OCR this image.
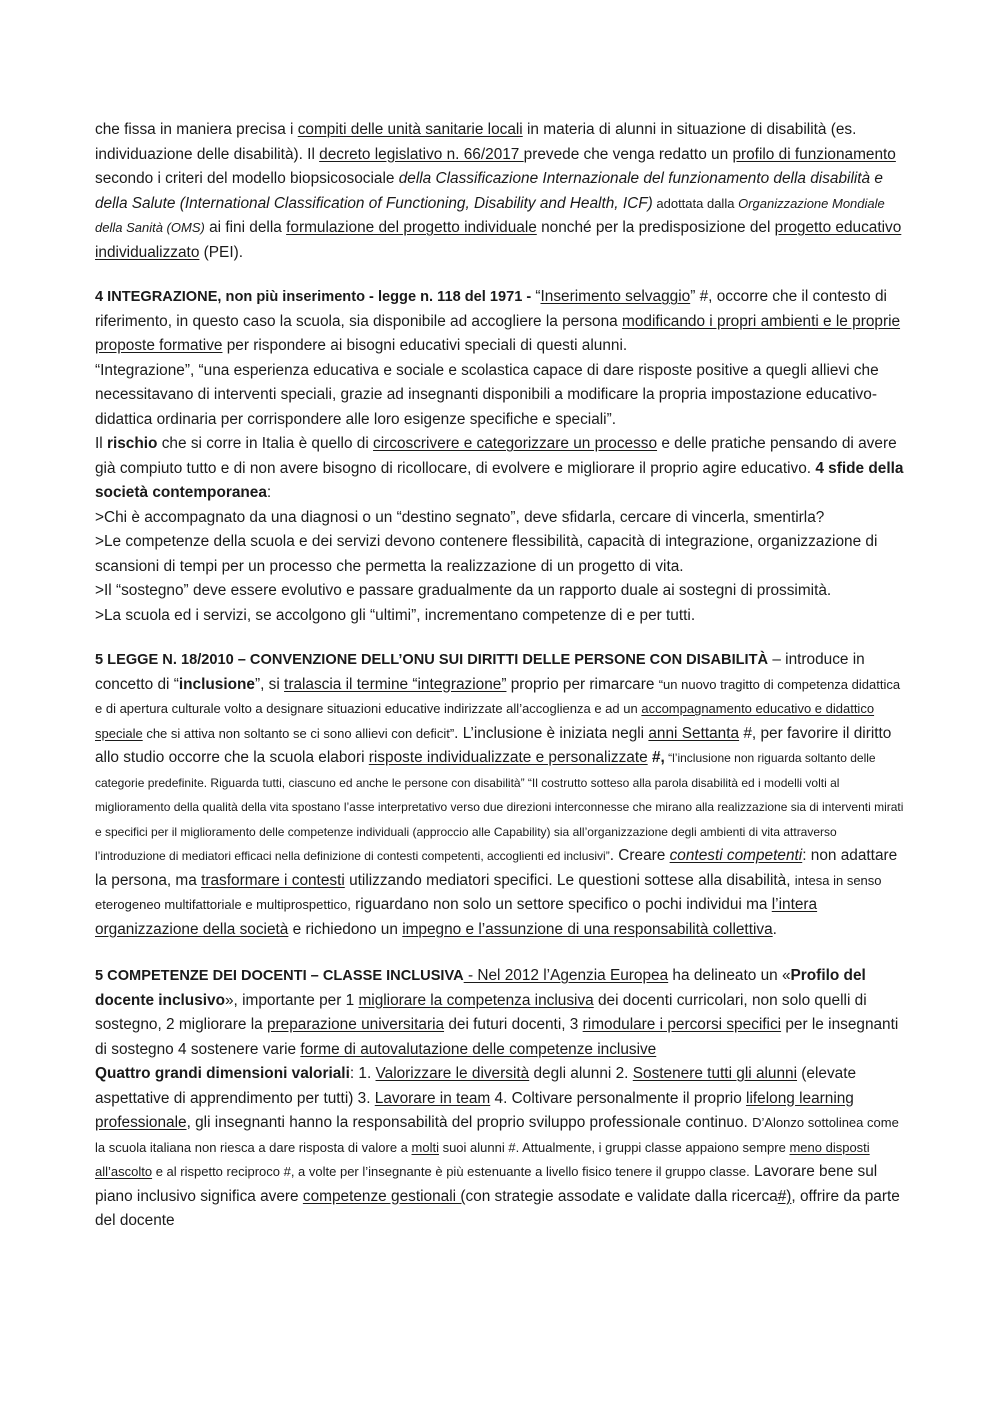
che fissa in maniera precisa i compiti delle unità sanitarie locali in materia di alunni in situazione di disabilità (es. individuazione delle disabilità). Il decreto legislativo n. 66/2017 prevede che venga redatto un profilo di funzionamento secondo i criteri del modello biopsicosociale della Classificazione Internazionale del funzionamento della disabilità e della Salute (International Classification of Functioning, Disability and Health, ICF) adottata dalla Organizzazione Mondiale della Sanità (OMS) ai fini della formulazione del progetto individuale nonché per la predisposizione del progetto educativo individualizzato (PEI).

4 INTEGRAZIONE, non più inserimento - legge n. 118 del 1971 - “Inserimento selvaggio” #, occorre che il contesto di riferimento, in questo caso la scuola, sia disponibile ad accogliere la persona modificando i propri ambienti e le proprie proposte formative per rispondere ai bisogni educativi speciali di questi alunni.

“Integrazione”, “una esperienza educativa e sociale e scolastica capace di dare risposte positive a quegli allievi che necessitavano di interventi speciali, grazie ad insegnanti disponibili a modificare la propria impostazione educativo-didattica ordinaria per corrispondere alle loro esigenze specifiche e speciali”.

Il rischio che si corre in Italia è quello di circoscrivere e categorizzare un processo e delle pratiche pensando di avere già compiuto tutto e di non avere bisogno di ricollocare, di evolvere e migliorare il proprio agire educativo. 4 sfide della società contemporanea:

>Chi è accompagnato da una diagnosi o un “destino segnato”, deve sfidarla, cercare di vincerla, smentirla?

>Le competenze della scuola e dei servizi devono contenere flessibilità, capacità di integrazione, organizzazione di scansioni di tempi per un processo che permetta la realizzazione di un progetto di vita.

>Il “sostegno” deve essere evolutivo e passare gradualmente da un rapporto duale ai sostegni di prossimità.

>La scuola ed i servizi, se accolgono gli “ultimi”, incrementano competenze di e per tutti.

5 LEGGE N. 18/2010 – CONVENZIONE DELL’ONU SUI DIRITTI DELLE PERSONE CON DISABILITÀ – introduce in concetto di “inclusione”, si tralascia il termine “integrazione” proprio per rimarcare “un nuovo tragitto di competenza didattica e di apertura culturale volto a designare situazioni educative indirizzate all’accoglienza e ad un accompagnamento educativo e didattico speciale che si attiva non soltanto se ci sono allievi con deficit”. L’inclusione è iniziata negli anni Settanta #, per favorire il diritto allo studio occorre che la scuola elabori risposte individualizzate e personalizzate #, “l’inclusione non riguarda soltanto delle categorie predefinite. Riguarda tutti, ciascuno ed anche le persone con disabilità” “Il costrutto sotteso alla parola disabilità ed i modelli volti al miglioramento della qualità della vita spostano l’asse interpretativo verso due direzioni interconnesse che mirano alla realizzazione sia di interventi mirati e specifici per il miglioramento delle competenze individuali (approccio alle Capability) sia all’organizzazione degli ambienti di vita attraverso l’introduzione di mediatori efficaci nella definizione di contesti competenti, accoglienti ed inclusivi”. Creare contesti competenti: non adattare la persona, ma trasformare i contesti utilizzando mediatori specifici. Le questioni sottese alla disabilità, intesa in senso eterogeneo multifattoriale e multiprospettico, riguardano non solo un settore specifico o pochi individui ma l’intera organizzazione della società e richiedono un impegno e l’assunzione di una responsabilità collettiva.

5 COMPETENZE DEI DOCENTI – CLASSE INCLUSIVA - Nel 2012 l’Agenzia Europea ha delineato un «Profilo del docente inclusivo», importante per 1 migliorare la competenza inclusiva dei docenti curricolari, non solo quelli di sostegno, 2 migliorare la preparazione universitaria dei futuri docenti, 3 rimodulare i percorsi specifici per le insegnanti di sostegno 4 sostenere varie forme di autovalutazione delle competenze inclusive

Quattro grandi dimensioni valoriali: 1. Valorizzare le diversità degli alunni 2. Sostenere tutti gli alunni (elevate aspettative di apprendimento per tutti) 3. Lavorare in team 4. Coltivare personalmente il proprio lifelong learning professionale, gli insegnanti hanno la responsabilità del proprio sviluppo professionale continuo. D’Alonzo sottolinea come la scuola italiana non riesca a dare risposta di valore a molti suoi alunni #. Attualmente, i gruppi classe appaiono sempre meno disposti all’ascolto e al rispetto reciproco #, a volte per l’insegnante è più estenuante a livello fisico tenere il gruppo classe. Lavorare bene sul piano inclusivo significa avere competenze gestionali (con strategie assodate e validate dalla ricerca#), offrire da parte del docente
